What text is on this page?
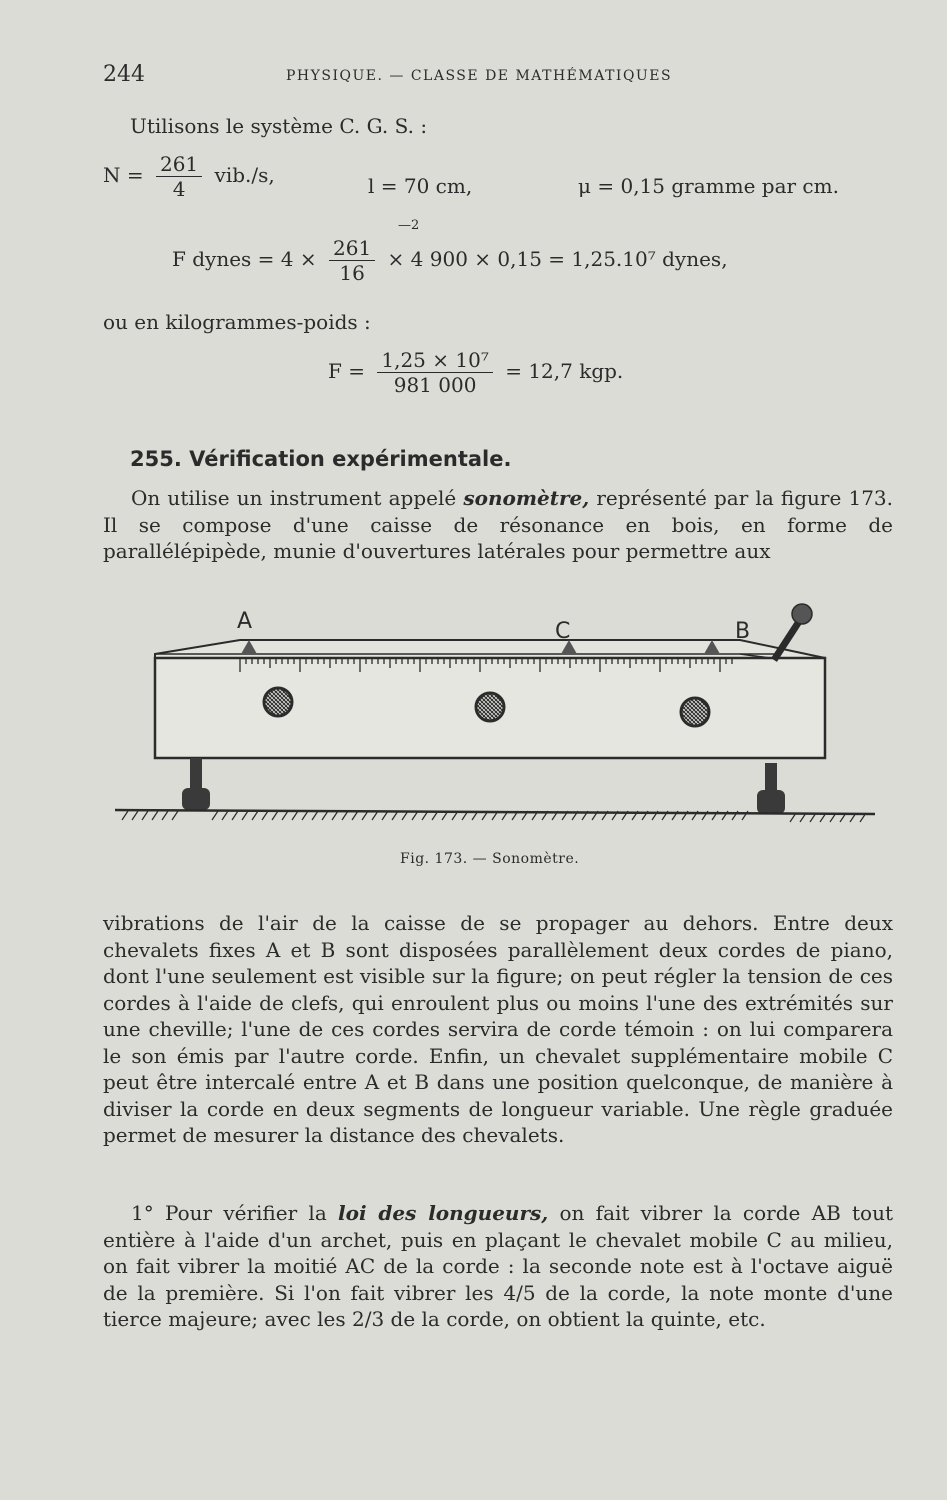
244	PHYSIQUE. — CLASSE DE MATHÉMATIQUES
Utilisons le système C. G. S. :
$N = \frac{261}{4} vib./s$,	l = 70 cm,	μ = 0,15 gramme par cm.
—2
F dynes = $4 \times \frac{261}{16} \times 4$ 900 × 0,15 = 1,25.10⁷ dynes,
ou en kilogrammes-poids :
$F = \frac{\text{1,25 × 10⁷}}{981 000} = 12,7$ kgp.
255. Vérification expérimentale.

On utilise un instrument appelé sonomètre, représenté par la figure 173. Il se compose d'une caisse de résonance en bois, en forme de parallélépipède, munie d'ouvertures latérales pour permettre aux

A	C	B
Fig. 173. — Sonomètre.

vibrations de l'air de la caisse de se propager au dehors. Entre deux chevalets fixes A et B sont disposées parallèlement deux cordes de piano, dont l'une seulement est visible sur la figure; on peut régler la tension de ces cordes à l'aide de clefs, qui enroulent plus ou moins l'une des extrémités sur une cheville; l'une de ces cordes servira de corde témoin : on lui comparera le son émis par l'autre corde. Enfin, un chevalet supplémentaire mobile C peut être intercalé entre A et B dans une position quelconque, de manière à diviser la corde en deux segments de longueur variable. Une règle graduée permet de mesurer la distance des chevalets.

1° Pour vérifier la loi des longueurs, on fait vibrer la corde AB tout entière à l'aide d'un archet, puis en plaçant le chevalet mobile C au milieu, on fait vibrer la moitié AC de la corde : la seconde note est à l'octave aiguë de la première. Si l'on fait vibrer les 4/5 de la corde, la note monte d'une tierce majeure; avec les 2/3 de la corde, on obtient la quinte, etc.
